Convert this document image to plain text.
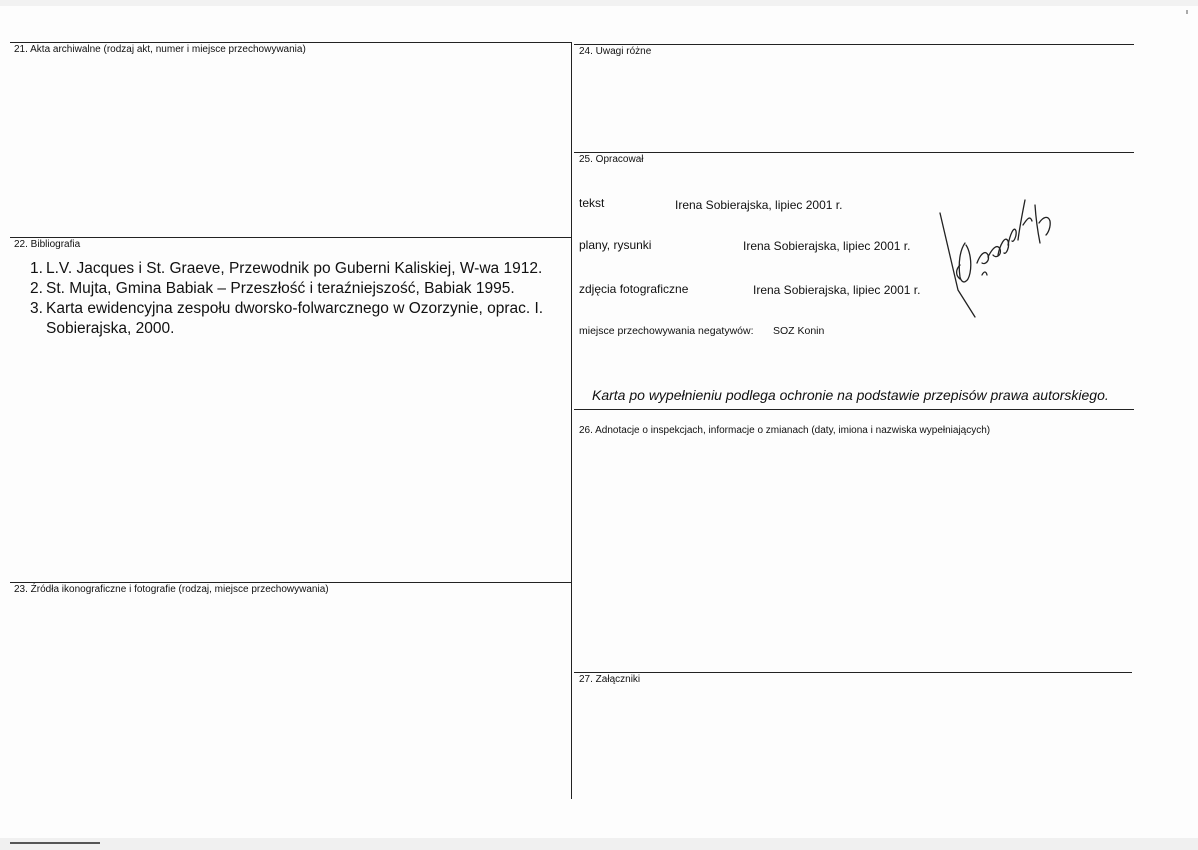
21. Akta archiwalne (rodzaj akt, numer i miejsce przechowywania)
22. Bibliografia
1. L.V. Jacques i St. Graeve, Przewodnik po Guberni Kaliskiej, W-wa 1912.
2. St. Mujta, Gmina Babiak – Przeszłość i teraźniejszość, Babiak 1995.
3. Karta ewidencyjna zespołu dworsko-folwarcznego w Ozorzynie, oprac. I. Sobierajska, 2000.
23. Źródła ikonograficzne i fotografie (rodzaj, miejsce przechowywania)
24. Uwagi różne
25. Opracował
tekst	Irena Sobierajska, lipiec 2001 r.
plany, rysunki	Irena Sobierajska, lipiec 2001 r.
zdjęcia fotograficzne	Irena Sobierajska, lipiec 2001 r.
miejsce przechowywania negatywów: SOZ Konin
Karta po wypełnieniu podlega ochronie na podstawie przepisów prawa autorskiego.
26. Adnotacje o inspekcjach, informacje o zmianach (daty, imiona i nazwiska wypełniających)
27. Załączniki
